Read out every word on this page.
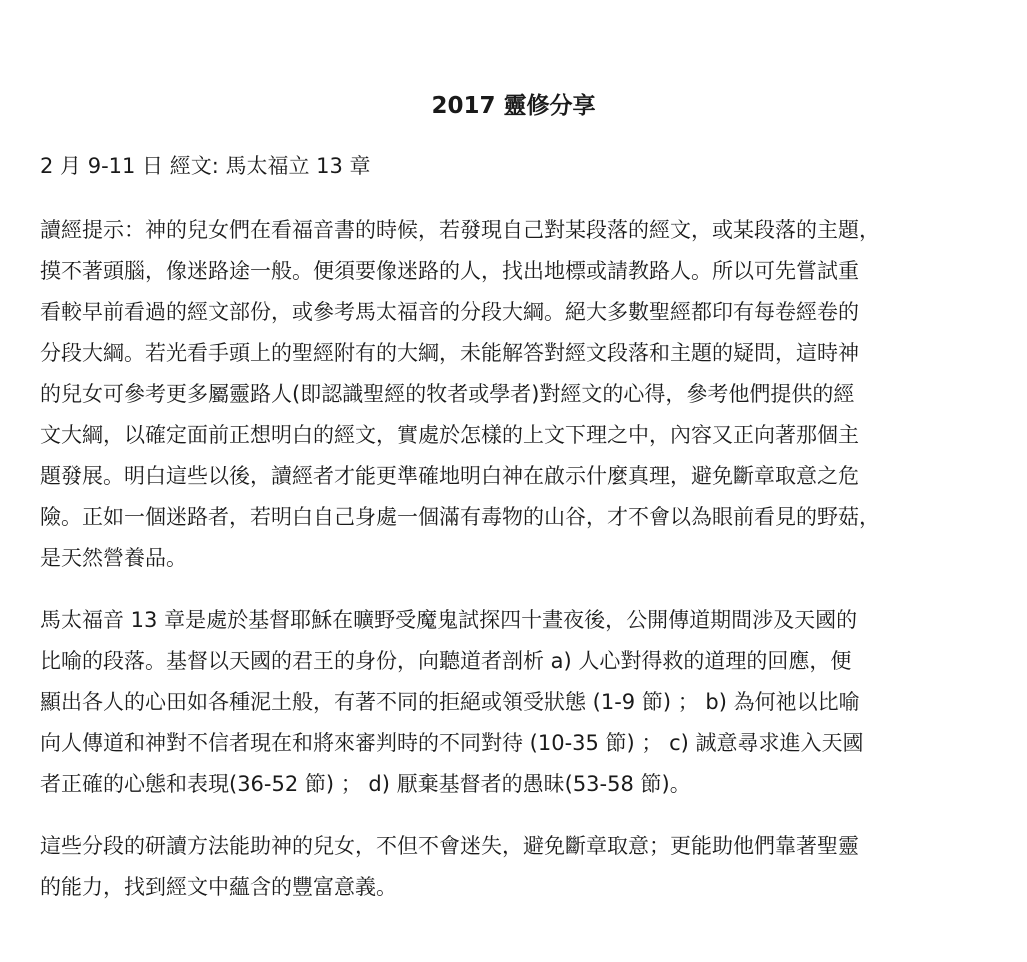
2017 靈修分享

2 月 9-11 日 經文: 馬太福立 13 章

讀經提示：神的兒女們在看福音書的時候，若發現自己對某段落的經文，或某段落的主題，
摸不著頭腦，像迷路途一般。便須要像迷路的人，找出地標或請教路人。所以可先嘗試重
看較早前看過的經文部份，或參考馬太福音的分段大綱。絕大多數聖經都印有每卷經卷的
分段大綱。若光看手頭上的聖經附有的大綱，未能解答對經文段落和主題的疑問，這時神
的兒女可參考更多屬靈路人(即認識聖經的牧者或學者)對經文的心得，參考他們提供的經
文大綱，以確定面前正想明白的經文，實處於怎樣的上文下理之中，內容又正向著那個主
題發展。明白這些以後，讀經者才能更準確地明白神在啟示什麼真理，避免斷章取意之危
險。正如一個迷路者，若明白自己身處一個滿有毒物的山谷，才不會以為眼前看見的野菇，
是天然營養品。

馬太福音 13 章是處於基督耶穌在曠野受魔鬼試探四十晝夜後，公開傳道期間涉及天國的
比喻的段落。基督以天國的君王的身份，向聽道者剖析 a) 人心對得救的道理的回應，便
顯出各人的心田如各種泥土般，有著不同的拒絕或領受狀態 (1-9 節) ； b) 為何祂以比喻
向人傳道和神對不信者現在和將來審判時的不同對待 (10-35 節) ； c) 誠意尋求進入天國
者正確的心態和表現(36-52 節) ； d) 厭棄基督者的愚昧(53-58 節)。

這些分段的研讀方法能助神的兒女，不但不會迷失，避免斷章取意；更能助他們靠著聖靈
的能力，找到經文中蘊含的豐富意義。
